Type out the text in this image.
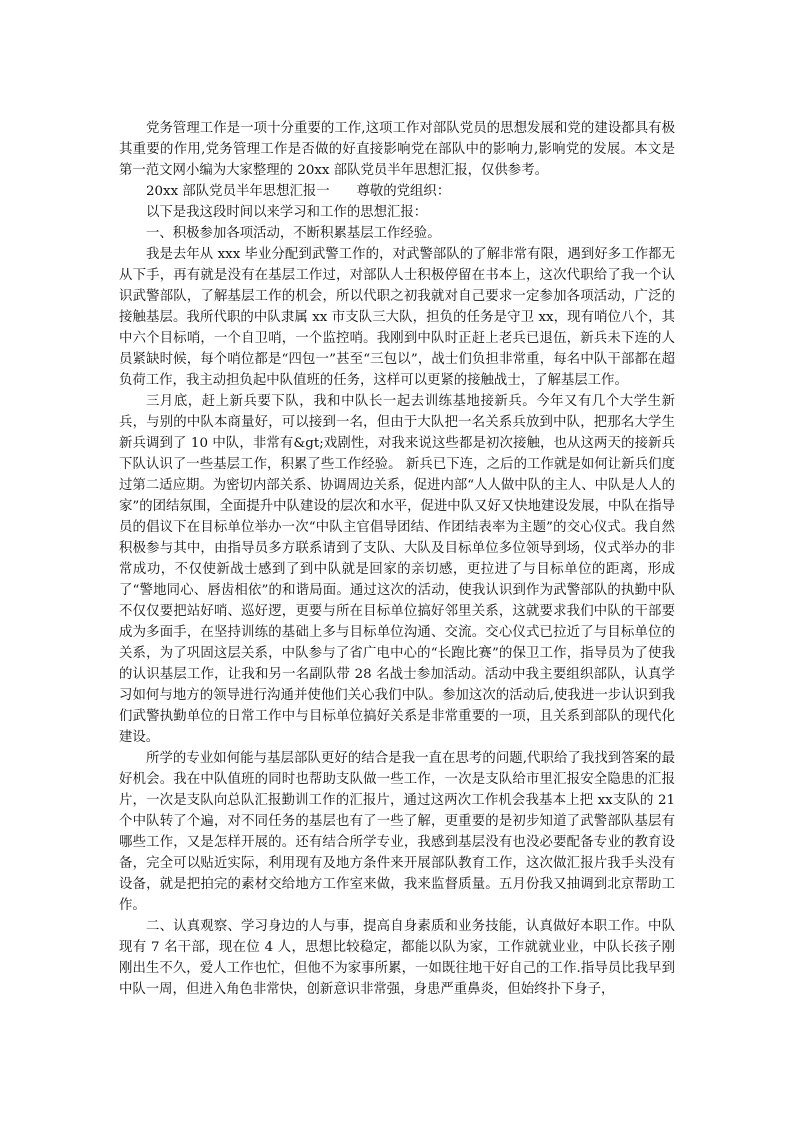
党务管理工作是一项十分重要的工作,这项工作对部队党员的思想发展和党的建设都具有极其重要的作用,党务管理工作是否做的好直接影响党在部队中的影响力,影响党的发展。本文是第一范文网小编为大家整理的 20xx 部队党员半年思想汇报，仅供参考。

20xx 部队党员半年思想汇报一　　尊敬的党组织：

以下是我这段时间以来学习和工作的思想汇报：

一、积极参加各项活动，不断积累基层工作经验。

我是去年从 xxx 毕业分配到武警工作的，对武警部队的了解非常有限，遇到好多工作都无从下手，再有就是没有在基层工作过，对部队人士积极停留在书本上，这次代职给了我一个认识武警部队，了解基层工作的机会，所以代职之初我就对自己要求一定参加各项活动，广泛的接触基层。我所代职的中队隶属 xx 市支队三大队，担负的任务是守卫 xx，现有哨位八个，其中六个目标哨，一个自卫哨，一个监控哨。我刚到中队时正赶上老兵已退伍，新兵未下连的人员紧缺时候，每个哨位都是“四包一”甚至“三包以”，战士们负担非常重，每名中队干部都在超负荷工作，我主动担负起中队值班的任务，这样可以更紧的接触战士，了解基层工作。

三月底，赶上新兵要下队，我和中队长一起去训练基地接新兵。今年又有几个大学生新兵，与别的中队本商量好，可以接到一名，但由于大队把一名关系兵放到中队，把那名大学生新兵调到了 10 中队，非常有&gt;戏剧性，对我来说这些都是初次接触，也从这两天的接新兵下队认识了一些基层工作，积累了些工作经验。 新兵已下连，之后的工作就是如何让新兵们度过第二适应期。为密切内部关系、协调周边关系，促进内部“人人做中队的主人、中队是人人的家”的团结氛围，全面提升中队建设的层次和水平，促进中队又好又快地建设发展，中队在指导员的倡议下在目标单位举办一次“中队主官倡导团结、作团结表率为主题”的交心仪式。我自然积极参与其中，由指导员多方联系请到了支队、大队及目标单位多位领导到场，仪式举办的非常成功，不仅使新战士感到了到中队就是回家的亲切感，更拉进了与目标单位的距离，形成了“警地同心、唇齿相依”的和谐局面。通过这次的活动，使我认识到作为武警部队的执勤中队不仅仅要把站好哨、巡好逻，更要与所在目标单位搞好邻里关系，这就要求我们中队的干部要成为多面手，在坚持训练的基础上多与目标单位沟通、交流。交心仪式已拉近了与目标单位的关系，为了巩固这层关系，中队参与了省广电中心的“长跑比赛”的保卫工作，指导员为了使我的认识基层工作，让我和另一名副队带 28 名战士参加活动。活动中我主要组织部队，认真学习如何与地方的领导进行沟通并使他们关心我们中队。参加这次的活动后,使我进一步认识到我们武警执勤单位的日常工作中与目标单位搞好关系是非常重要的一项，且关系到部队的现代化建设。

所学的专业如何能与基层部队更好的结合是我一直在思考的问题,代职给了我找到答案的最好机会。我在中队值班的同时也帮助支队做一些工作，一次是支队给市里汇报安全隐患的汇报片，一次是支队向总队汇报勤训工作的汇报片，通过这两次工作机会我基本上把 xx支队的 21 个中队转了个遍，对不同任务的基层也有了一些了解，更重要的是初步知道了武警部队基层有哪些工作，又是怎样开展的。还有结合所学专业，我感到基层没有也没必要配备专业的教育设备，完全可以贴近实际，利用现有及地方条件来开展部队教育工作，这次做汇报片我手头没有设备，就是把拍完的素材交给地方工作室来做，我来监督质量。五月份我又抽调到北京帮助工作。

二、认真观察、学习身边的人与事，提高自身素质和业务技能，认真做好本职工作。中队现有 7 名干部，现在位 4 人，思想比较稳定，都能以队为家，工作就就业业，中队长孩子刚刚出生不久，爱人工作也忙，但他不为家事所累，一如既往地干好自己的工作.指导员比我早到中队一周，但进入角色非常快，创新意识非常强，身患严重鼻炎，但始终扑下身子，
